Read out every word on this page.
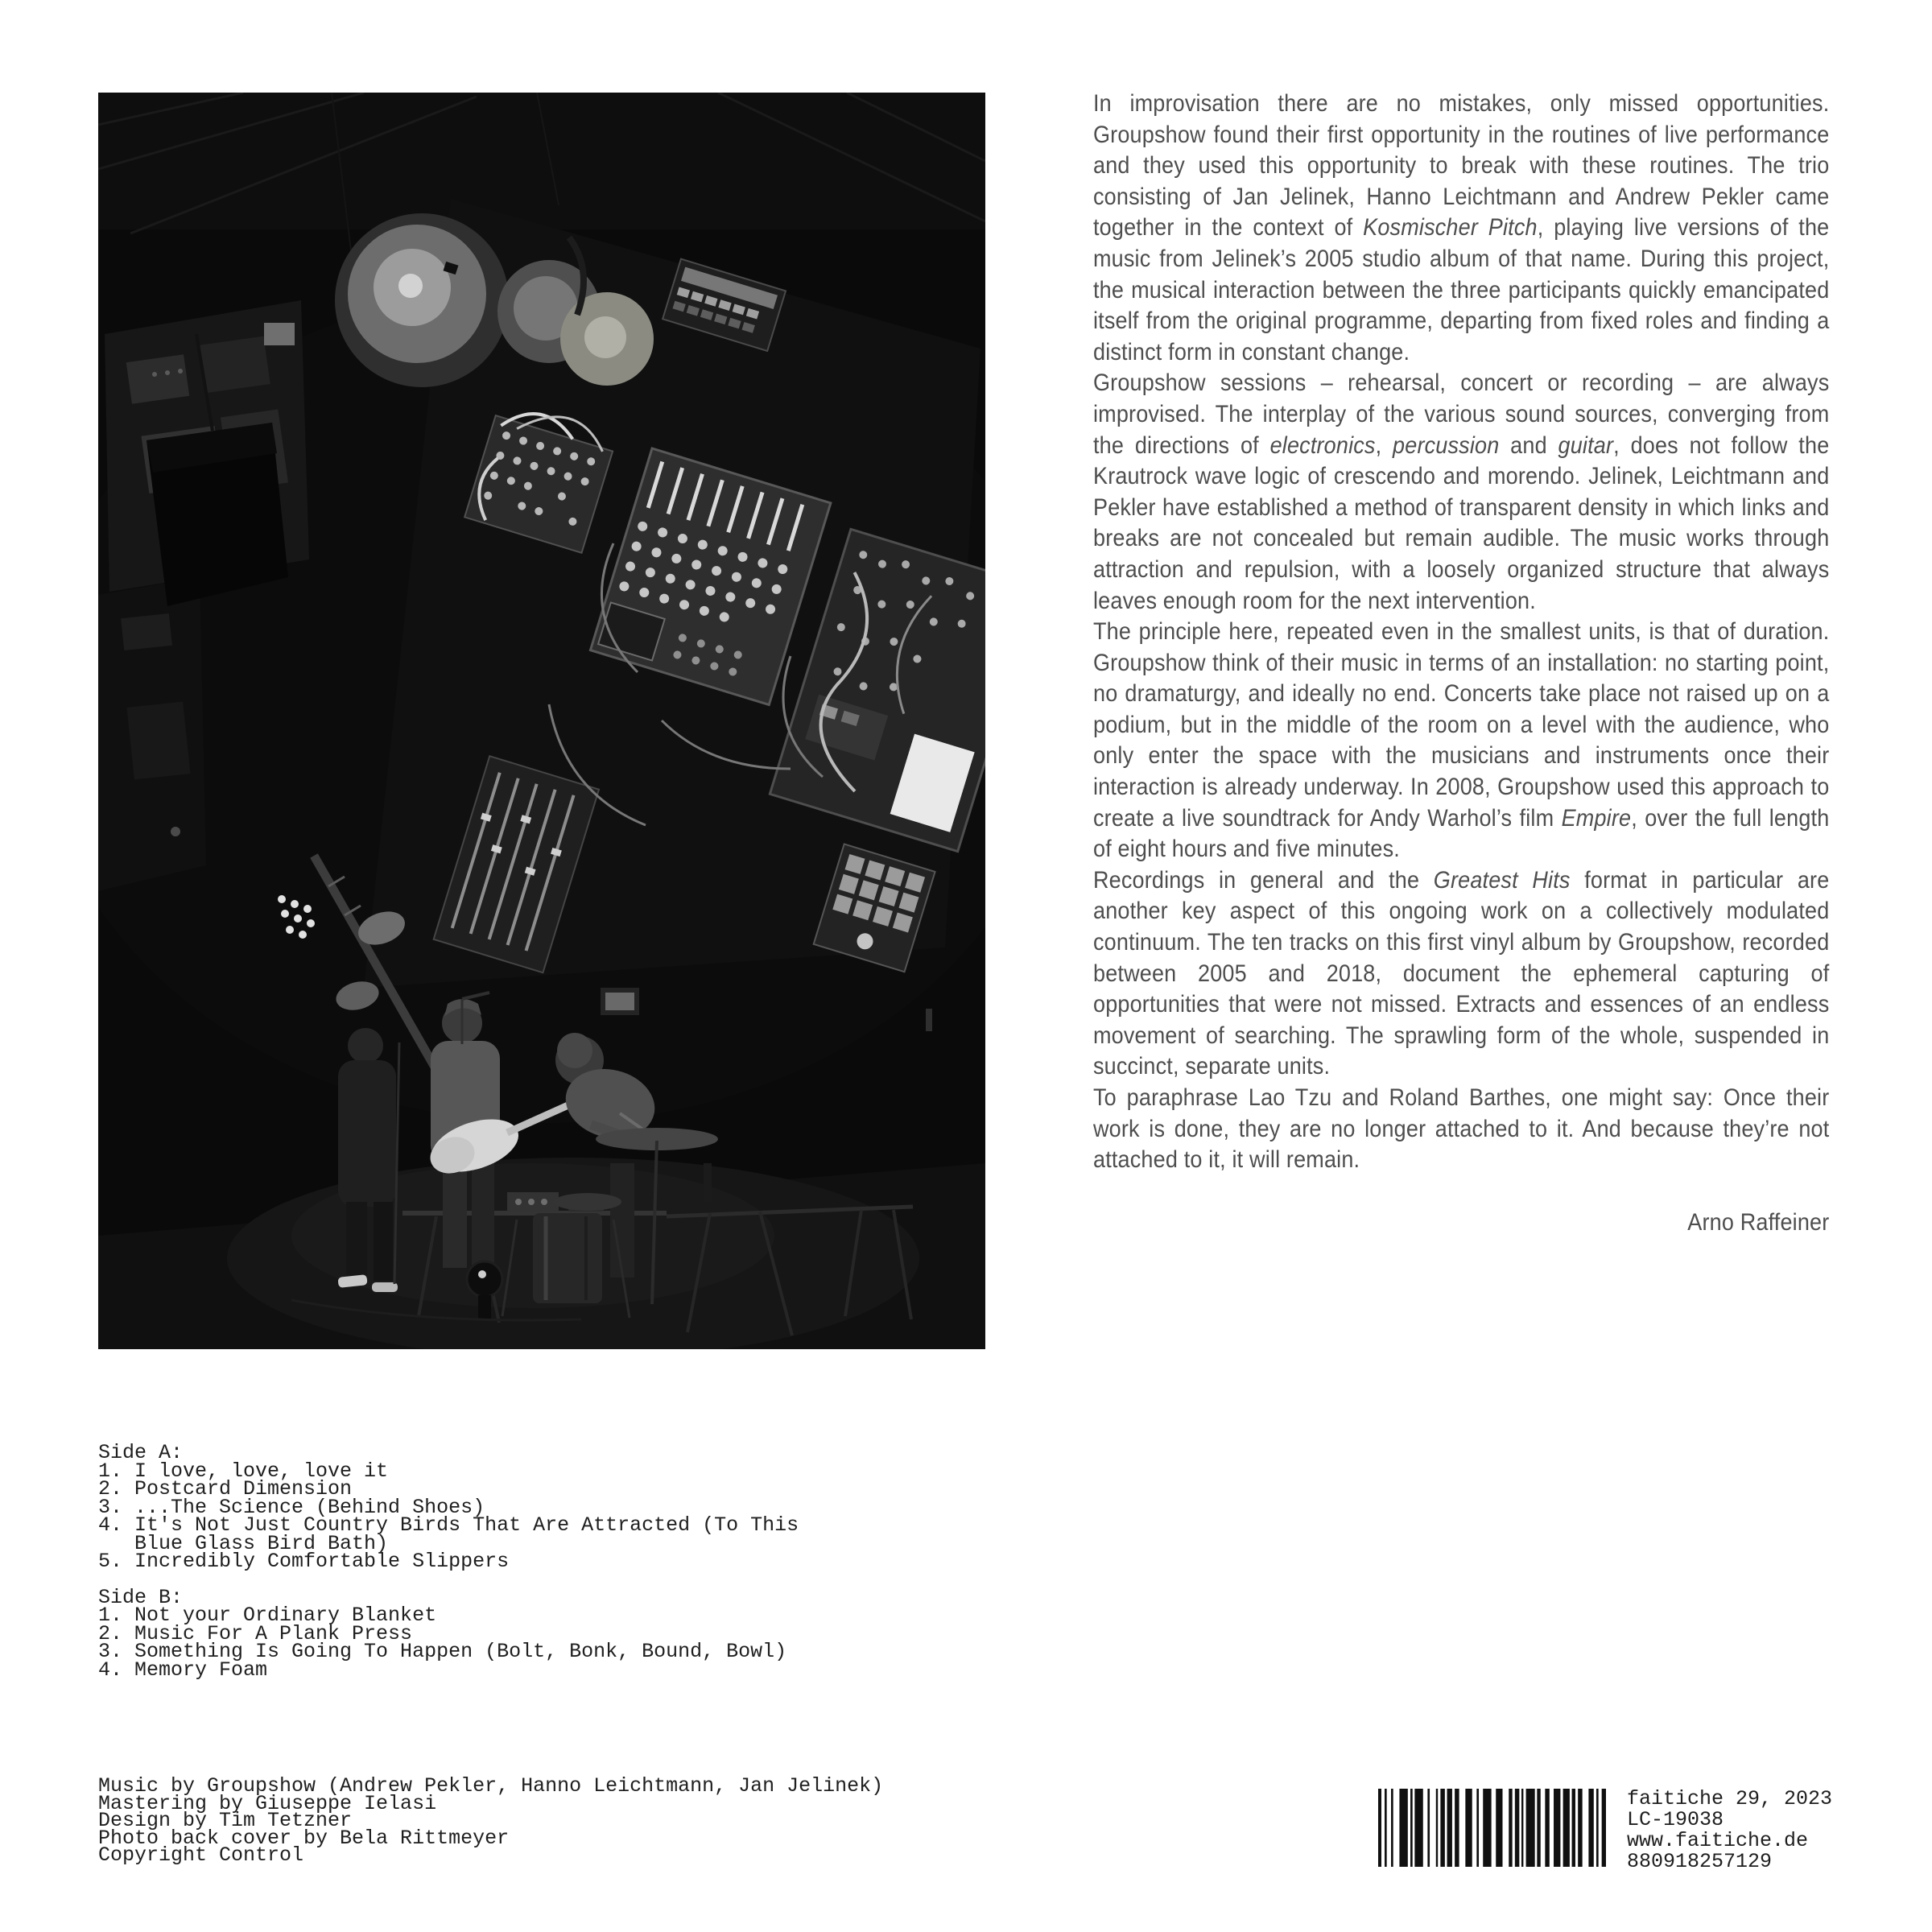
In improvisation there are no mistakes, only missed opportunities. Groupshow found their first opportunity in the routines of live performance and they used this opportunity to break with these routines. The trio consisting of Jan Jelinek, Hanno Leichtmann and Andrew Pekler came together in the context of Kosmischer Pitch, playing live versions of the music from Jelinek’s 2005 studio album of that name. During this project, the musical interaction between the three participants quickly emancipated itself from the original programme, departing from fixed roles and finding a distinct form in constant change.

Groupshow sessions – rehearsal, concert or recording – are always improvised. The interplay of the various sound sources, converging from the directions of electronics, percussion and guitar, does not follow the Krautrock wave logic of crescendo and morendo. Jelinek, Leichtmann and Pekler have established a method of transparent density in which links and breaks are not concealed but remain audible. The music works through attraction and repulsion, with a loosely organized structure that always leaves enough room for the next intervention.

The principle here, repeated even in the smallest units, is that of duration. Groupshow think of their music in terms of an installation: no starting point, no dramaturgy, and ideally no end. Concerts take place not raised up on a podium, but in the middle of the room on a level with the audience, who only enter the space with the musicians and instruments once their interaction is already underway. In 2008, Groupshow used this approach to create a live soundtrack for Andy Warhol’s film Empire, over the full length of eight hours and five minutes.

Recordings in general and the Greatest Hits format in particular are another key aspect of this ongoing work on a collectively modulated continuum. The ten tracks on this first vinyl album by Groupshow, recorded between 2005 and 2018, document the ephemeral capturing of opportunities that were not missed. Extracts and essences of an endless movement of searching. The sprawling form of the whole, suspended in succinct, separate units.

To paraphrase Lao Tzu and Roland Barthes, one might say: Once their work is done, they are no longer attached to it. And because they’re not attached to it, it will remain.

Arno Raffeiner
Side A:
1. I love, love, love it
2. Postcard Dimension
3. ...The Science (Behind Shoes)
4. It's Not Just Country Birds That Are Attracted (To This Blue Glass Bird Bath)
5. Incredibly Comfortable Slippers
Side B:
1. Not your Ordinary Blanket
2. Music For A Plank Press
3. Something Is Going To Happen (Bolt, Bonk, Bound, Bowl)
4. Memory Foam
Music by Groupshow (Andrew Pekler, Hanno Leichtmann, Jan Jelinek)
Mastering by Giuseppe Ielasi
Design by Tim Tetzner
Photo back cover by Bela Rittmeyer
Copyright Control
faitiche 29, 2023
LC-19038
www.faitiche.de
880918257129
